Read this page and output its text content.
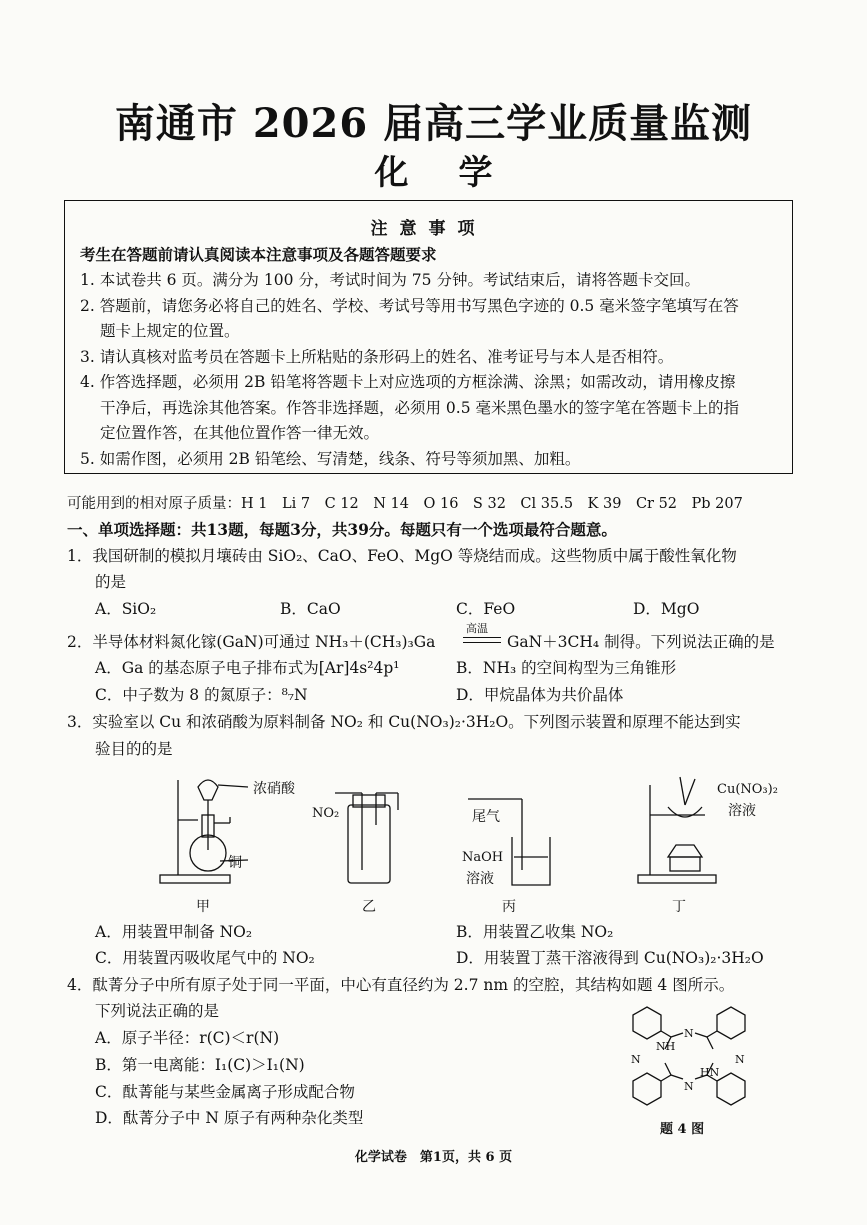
南通市 2026 届高三学业质量监测
化学
注意事项
考生在答题前请认真阅读本注意事项及各题答题要求
1. 本试卷共 6 页。满分为 100 分，考试时间为 75 分钟。考试结束后，请将答题卡交回。
2. 答题前，请您务必将自己的姓名、学校、考试号等用书写黑色字迹的 0.5 毫米签字笔填写在答
题卡上规定的位置。
3. 请认真核对监考员在答题卡上所粘贴的条形码上的姓名、准考证号与本人是否相符。
4. 作答选择题，必须用 2B 铅笔将答题卡上对应选项的方框涂满、涂黑；如需改动，请用橡皮擦
干净后，再选涂其他答案。作答非选择题，必须用 0.5 毫米黑色墨水的签字笔在答题卡上的指
定位置作答，在其他位置作答一律无效。
5. 如需作图，必须用 2B 铅笔绘、写清楚，线条、符号等须加黑、加粗。
可能用到的相对原子质量：H 1　Li 7　C 12　N 14　O 16　S 32　Cl 35.5　K 39　Cr 52　Pb 207
一、单项选择题：共13题，每题3分，共39分。每题只有一个选项最符合题意。
1．我国研制的模拟月壤砖由 SiO₂、CaO、FeO、MgO 等烧结而成。这些物质中属于酸性氧化物
的是
A．SiO₂	B．CaO	C．FeO	D．MgO
2．半导体材料氮化镓(GaN)可通过 NH₃＋(CH₃)₃Ga
高温
GaN＋3CH₄ 制得。下列说法正确的是
A．Ga 的基态原子电子排布式为[Ar]4s²4p¹	B．NH₃ 的空间构型为三角锥形
C．中子数为 8 的氮原子：⁸₇N	D．甲烷晶体为共价晶体
3．实验室以 Cu 和浓硝酸为原料制备 NO₂ 和 Cu(NO₃)₂·3H₂O。下列图示装置和原理不能达到实
验目的的是
浓硝酸
铜
NO₂	尾气
NaOH
溶液
Cu(NO₃)₂
溶液
甲	乙	丙	丁
A．用装置甲制备 NO₂	B．用装置乙收集 NO₂
C．用装置丙吸收尾气中的 NO₂	D．用装置丁蒸干溶液得到 Cu(NO₃)₂·3H₂O
4．酞菁分子中所有原子处于同一平面，中心有直径约为 2.7 nm 的空腔，其结构如题 4 图所示。
下列说法正确的是
A．原子半径：r(C)＜r(N)
B．第一电离能：I₁(C)＞I₁(N)
C．酞菁能与某些金属离子形成配合物
D．酞菁分子中 N 原子有两种杂化类型
N
N
NH
HN
N	N
题 4 图
化学试卷　第1页，共 6 页
